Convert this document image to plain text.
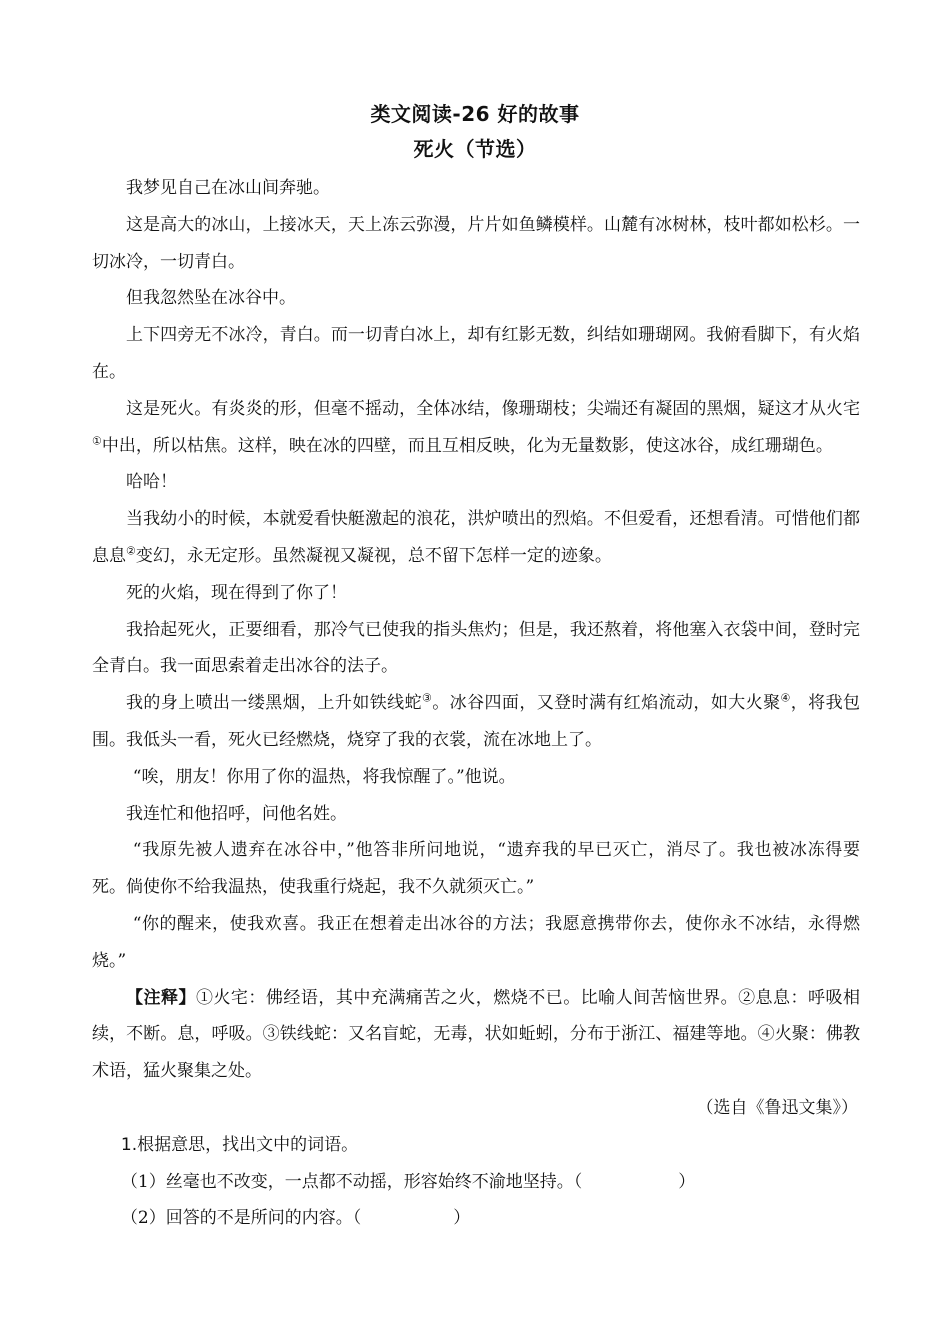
类文阅读-26 好的故事
死火（节选）

我梦见自己在冰山间奔驰。

这是高大的冰山，上接冰天，天上冻云弥漫，片片如鱼鳞模样。山麓有冰树林，枝叶都如松杉。一切冰冷，一切青白。

但我忽然坠在冰谷中。

上下四旁无不冰冷，青白。而一切青白冰上，却有红影无数，纠结如珊瑚网。我俯看脚下，有火焰在。

这是死火。有炎炎的形，但毫不摇动，全体冰结，像珊瑚枝；尖端还有凝固的黑烟，疑这才从火宅①中出，所以枯焦。这样，映在冰的四壁，而且互相反映，化为无量数影，使这冰谷，成红珊瑚色。

哈哈！

当我幼小的时候，本就爱看快艇激起的浪花，洪炉喷出的烈焰。不但爱看，还想看清。可惜他们都息息②变幻，永无定形。虽然凝视又凝视，总不留下怎样一定的迹象。

死的火焰，现在得到了你了！

我拾起死火，正要细看，那冷气已使我的指头焦灼；但是，我还熬着，将他塞入衣袋中间，登时完全青白。我一面思索着走出冰谷的法子。

我的身上喷出一缕黑烟，上升如铁线蛇③。冰谷四面，又登时满有红焰流动，如大火聚④，将我包围。我低头一看，死火已经燃烧，烧穿了我的衣裳，流在冰地上了。

“唉，朋友！你用了你的温热，将我惊醒了。”他说。

我连忙和他招呼，问他名姓。

“我原先被人遗弃在冰谷中，”他答非所问地说，“遗弃我的早已灭亡，消尽了。我也被冰冻得要死。倘使你不给我温热，使我重行烧起，我不久就须灭亡。”

“你的醒来，使我欢喜。我正在想着走出冰谷的方法；我愿意携带你去，使你永不冰结，永得燃烧。”

【注释】①火宅：佛经语，其中充满痛苦之火，燃烧不已。比喻人间苦恼世界。②息息：呼吸相续，不断。息，呼吸。③铁线蛇：又名盲蛇，无毒，状如蚯蚓，分布于浙江、福建等地。④火聚：佛教术语，猛火聚集之处。

（选自《鲁迅文集》）

1.根据意思，找出文中的词语。

（1）丝毫也不改变，一点都不动摇，形容始终不渝地坚持。（	）

（2）回答的不是所问的内容。（	）
